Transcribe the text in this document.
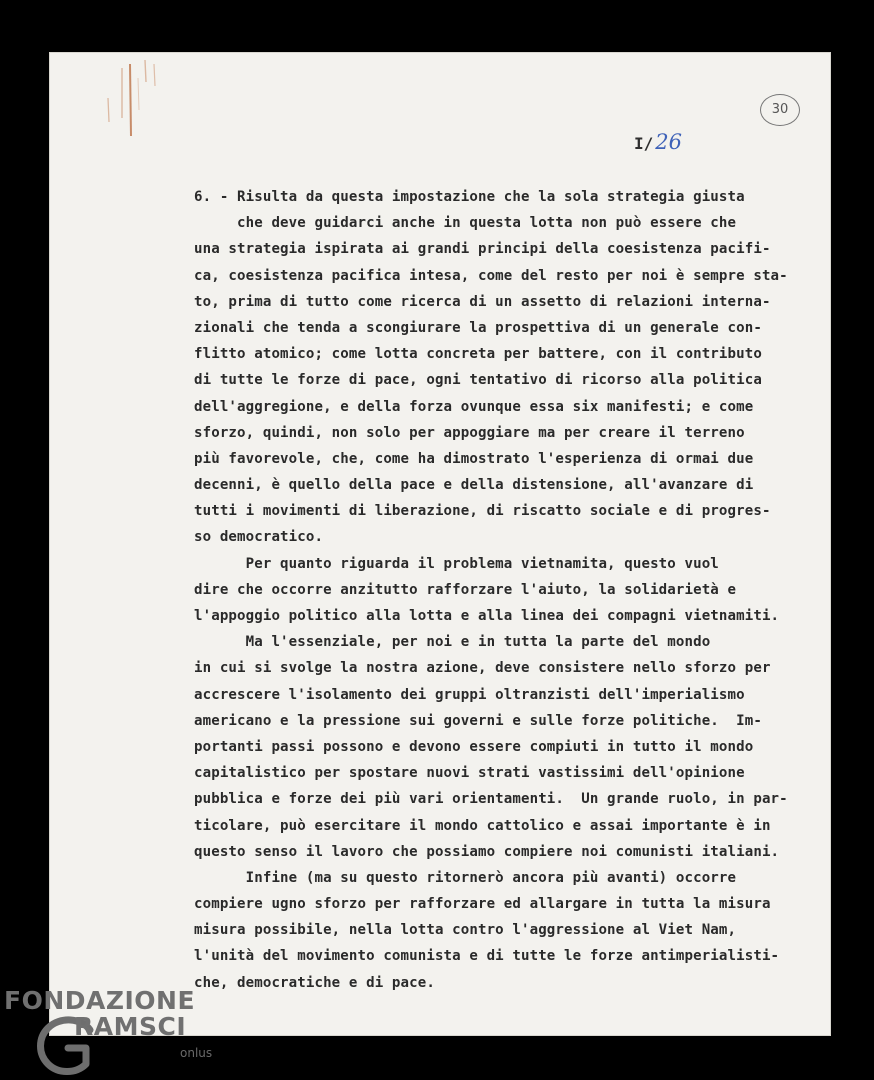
30
I/26
6. - Risulta da questa impostazione che la sola strategia giusta
che deve guidarci anche in questa lotta non può essere che
una strategia ispirata ai grandi principi della coesistenza pacifi-
ca, coesistenza pacifica intesa, come del resto per noi è sempre sta-
to, prima di tutto come ricerca di un assetto di relazioni interna-
zionali che tenda a scongiurare la prospettiva di un generale con-
flitto atomico; come lotta concreta per battere, con il contributo
di tutte le forze di pace, ogni tentativo di ricorso alla politica
dell'aggregione, e della forza ovunque essa six manifesti; e come
sforzo, quindi, non solo per appoggiare ma per creare il terreno
più favorevole, che, come ha dimostrato l'esperienza di ormai due
decenni, è quello della pace e della distensione, all'avanzare di
tutti i movimenti di liberazione, di riscatto sociale e di progres-
so democratico.
Per quanto riguarda il problema vietnamita, questo vuol
dire che occorre anzitutto rafforzare l'aiuto, la solidarietà e
l'appoggio politico alla lotta e alla linea dei compagni vietnamiti.
Ma l'essenziale, per noi e in tutta la parte del mondo
in cui si svolge la nostra azione, deve consistere nello sforzo per
accrescere l'isolamento dei gruppi oltranzisti dell'imperialismo
americano e la pressione sui governi e sulle forze politiche.  Im-
portanti passi possono e devono essere compiuti in tutto il mondo
capitalistico per spostare nuovi strati vastissimi dell'opinione
pubblica e forze dei più vari orientamenti.  Un grande ruolo, in par-
ticolare, può esercitare il mondo cattolico e assai importante è in
questo senso il lavoro che possiamo compiere noi comunisti italiani.
Infine (ma su questo ritornerò ancora più avanti) occorre
compiere ugno sforzo per rafforzare ed allargare in tutta la misura
misura possibile, nella lotta contro l'aggressione al Viet Nam,
l'unità del movimento comunista e di tutte le forze antimperialisti-
che, democratiche e di pace.
FONDAZIONE
RAMSCI
onlus
